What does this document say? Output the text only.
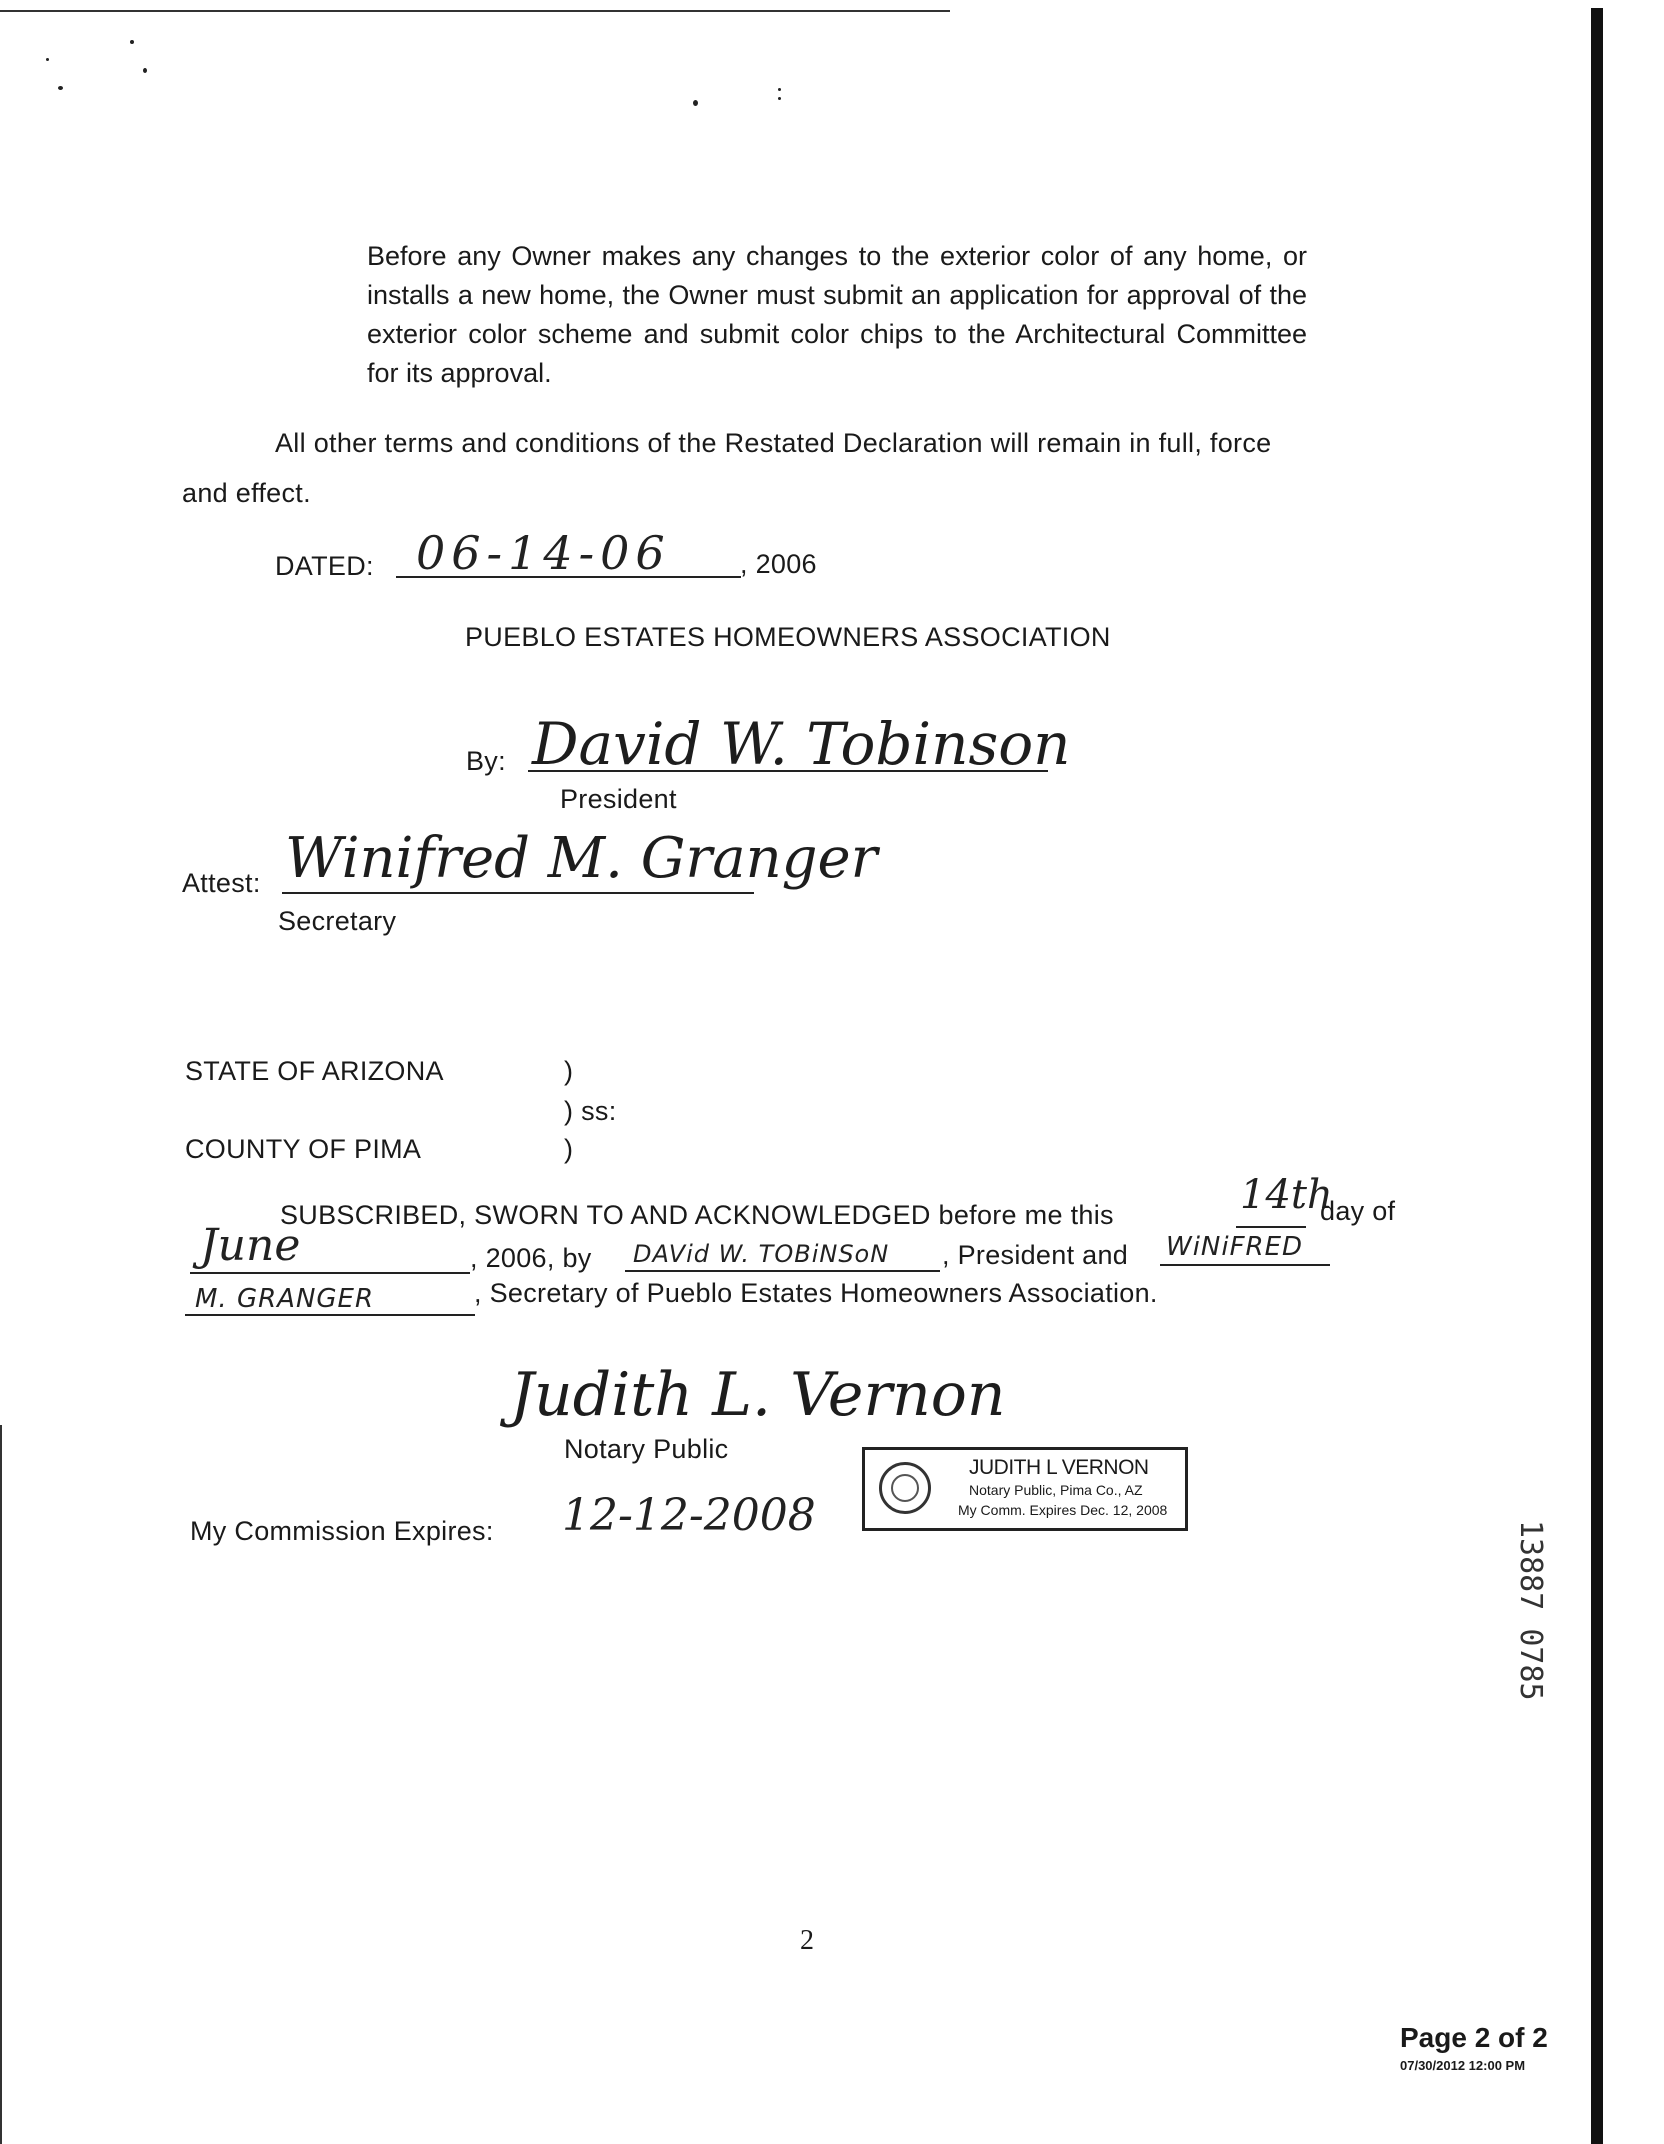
Before any Owner makes any changes to the exterior color of any home, or installs a new home, the Owner must submit an application for approval of the exterior color scheme and submit color chips to the Architectural Committee for its approval.
All other terms and conditions of the Restated Declaration will remain in full, force
and effect.
DATED: 06-14-06	, 2006
PUEBLO ESTATES HOMEOWNERS ASSOCIATION
By: David W. Tobinson
President
Attest: Winifred M. Granger
Secretary
STATE OF ARIZONA	)
) ss:
COUNTY OF PIMA	)
SUBSCRIBED, SWORN TO AND ACKNOWLEDGED before me this	14th
day of
June	, 2006, by DAVid W. TOBiNSoN , President and WiNiFRED
M. GRANGER	, Secretary of Pueblo Estates Homeowners Association.
Judith L. Vernon
Notary Public
My Commission Expires: 12-12-2008
JUDITH L VERNON
Notary Public, Pima Co., AZ
My Comm. Expires Dec. 12, 2008
13887 0785
2
Page 2 of 2
07/30/2012 12:00 PM
